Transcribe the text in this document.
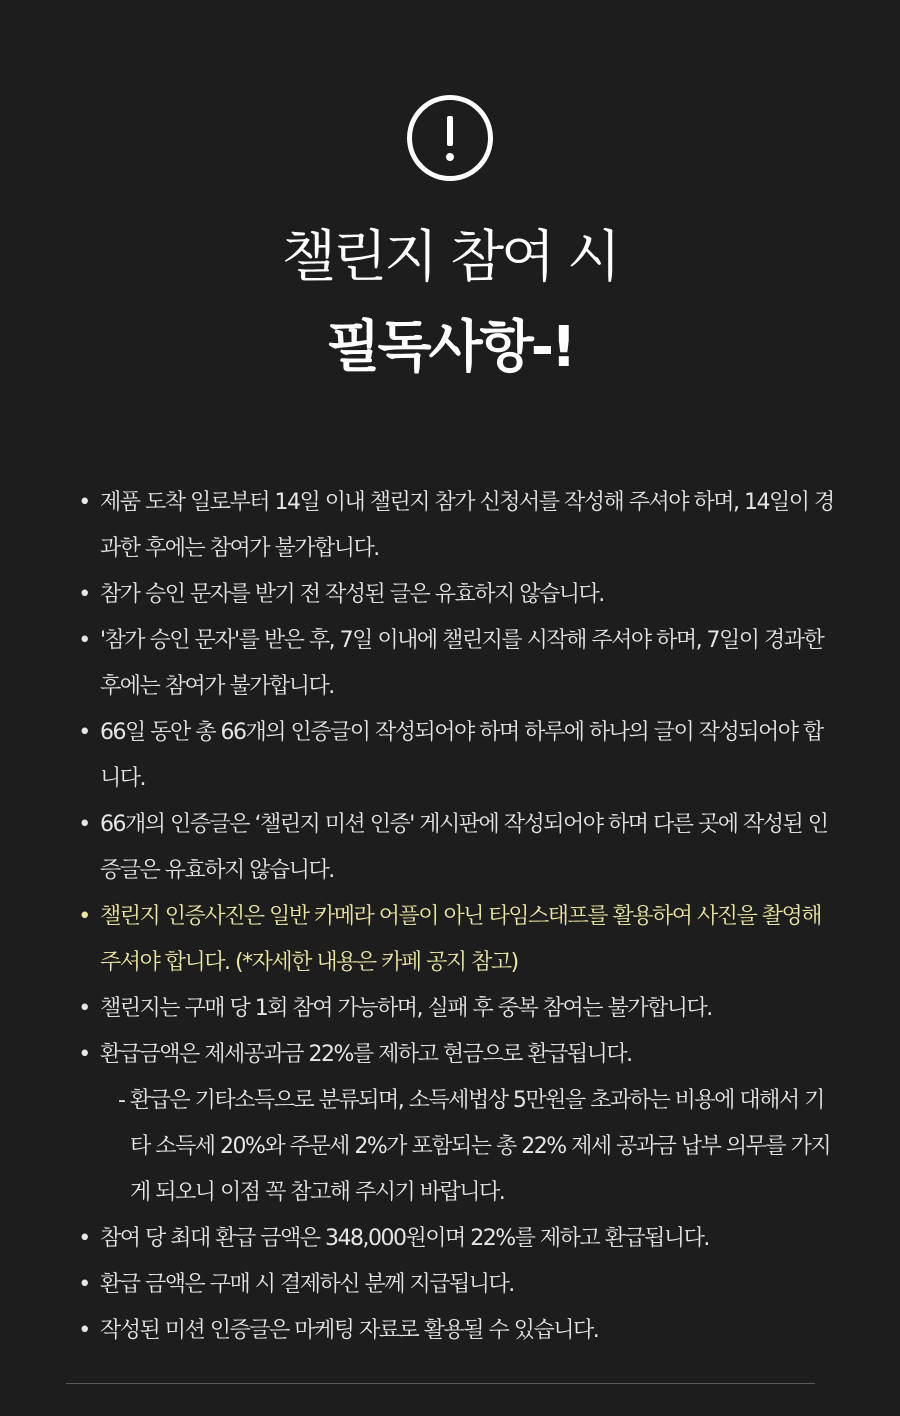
챌린지 참여 시
필독사항-!
• 제품 도착 일로부터 14일 이내 챌린지 참가 신청서를 작성해 주셔야 하며, 14일이 경과한 후에는 참여가 불가합니다.
• 참가 승인 문자를 받기 전 작성된 글은 유효하지 않습니다.
• '참가 승인 문자'를 받은 후, 7일 이내에 챌린지를 시작해 주셔야 하며, 7일이 경과한 후에는 참여가 불가합니다.
• 66일 동안 총 66개의 인증글이 작성되어야 하며 하루에 하나의 글이 작성되어야 합니다.
• 66개의 인증글은 ‘챌린지 미션 인증' 게시판에 작성되어야 하며 다른 곳에 작성된 인증글은 유효하지 않습니다.
• 챌린지 인증사진은 일반 카메라 어플이 아닌 타임스태프를 활용하여 사진을 촬영해주셔야 합니다. (*자세한 내용은 카페 공지 참고)
• 챌린지는 구매 당 1회 참여 가능하며, 실패 후 중복 참여는 불가합니다.
• 환급금액은 제세공과금 22%를 제하고 현금으로 환급됩니다.
- 환급은 기타소득으로 분류되며, 소득세법상 5만원을 초과하는 비용에 대해서 기타 소득세 20%와 주문세 2%가 포함되는 총 22% 제세 공과금 납부 의무를 가지게 되오니 이점 꼭 참고해 주시기 바랍니다.
• 참여 당 최대 환급 금액은 348,000원이며 22%를 제하고 환급됩니다.
• 환급 금액은 구매 시 결제하신 분께 지급됩니다.
• 작성된 미션 인증글은 마케팅 자료로 활용될 수 있습니다.
